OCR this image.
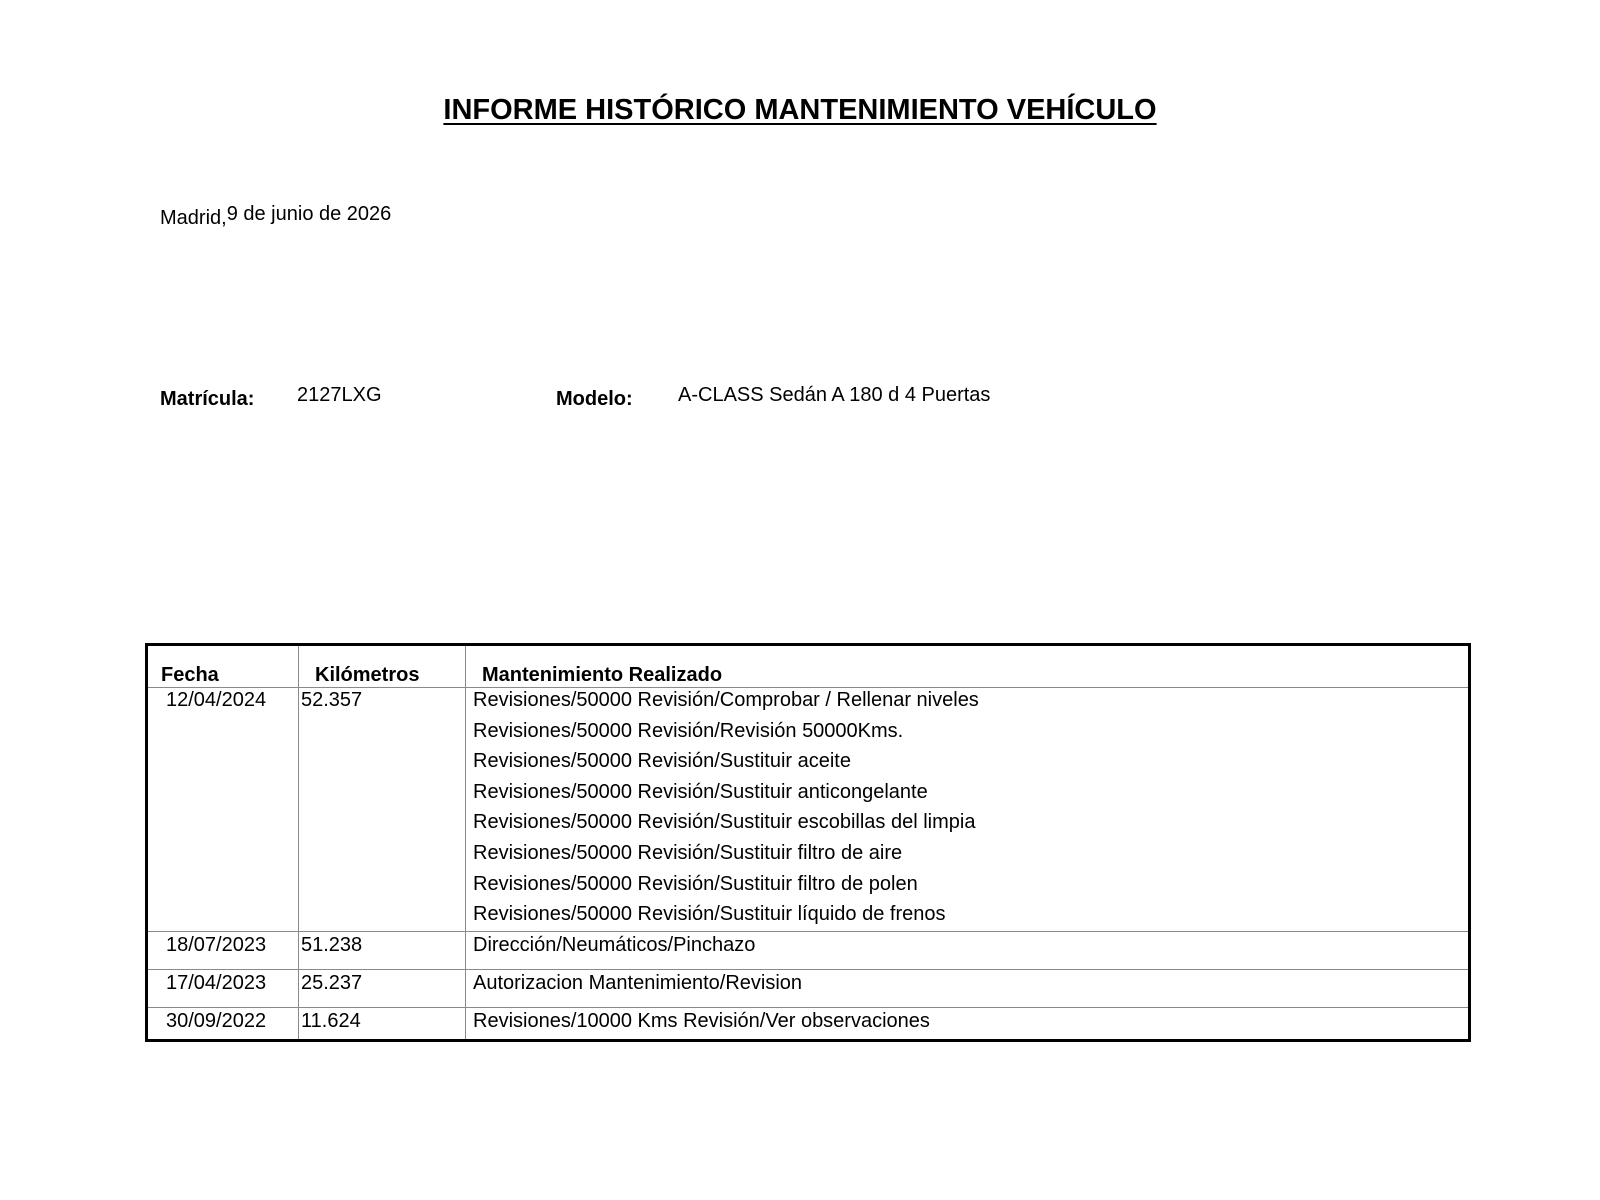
INFORME HISTÓRICO MANTENIMIENTO VEHÍCULO
Madrid,9 de junio de 2026
Matrícula: 2127LXG	Modelo: A-CLASS Sedán A 180 d 4 Puertas
Fecha	Kilómetros	Mantenimiento Realizado
12/04/2024 52.357	Revisiones/50000 Revisión/Comprobar / Rellenar niveles
Revisiones/50000 Revisión/Revisión 50000Kms.
Revisiones/50000 Revisión/Sustituir aceite
Revisiones/50000 Revisión/Sustituir anticongelante
Revisiones/50000 Revisión/Sustituir escobillas del limpia
Revisiones/50000 Revisión/Sustituir filtro de aire
Revisiones/50000 Revisión/Sustituir filtro de polen
Revisiones/50000 Revisión/Sustituir líquido de frenos
18/07/2023 51.238	Dirección/Neumáticos/Pinchazo
17/04/2023 25.237	Autorizacion Mantenimiento/Revision
30/09/2022 11.624	Revisiones/10000 Kms Revisión/Ver observaciones
